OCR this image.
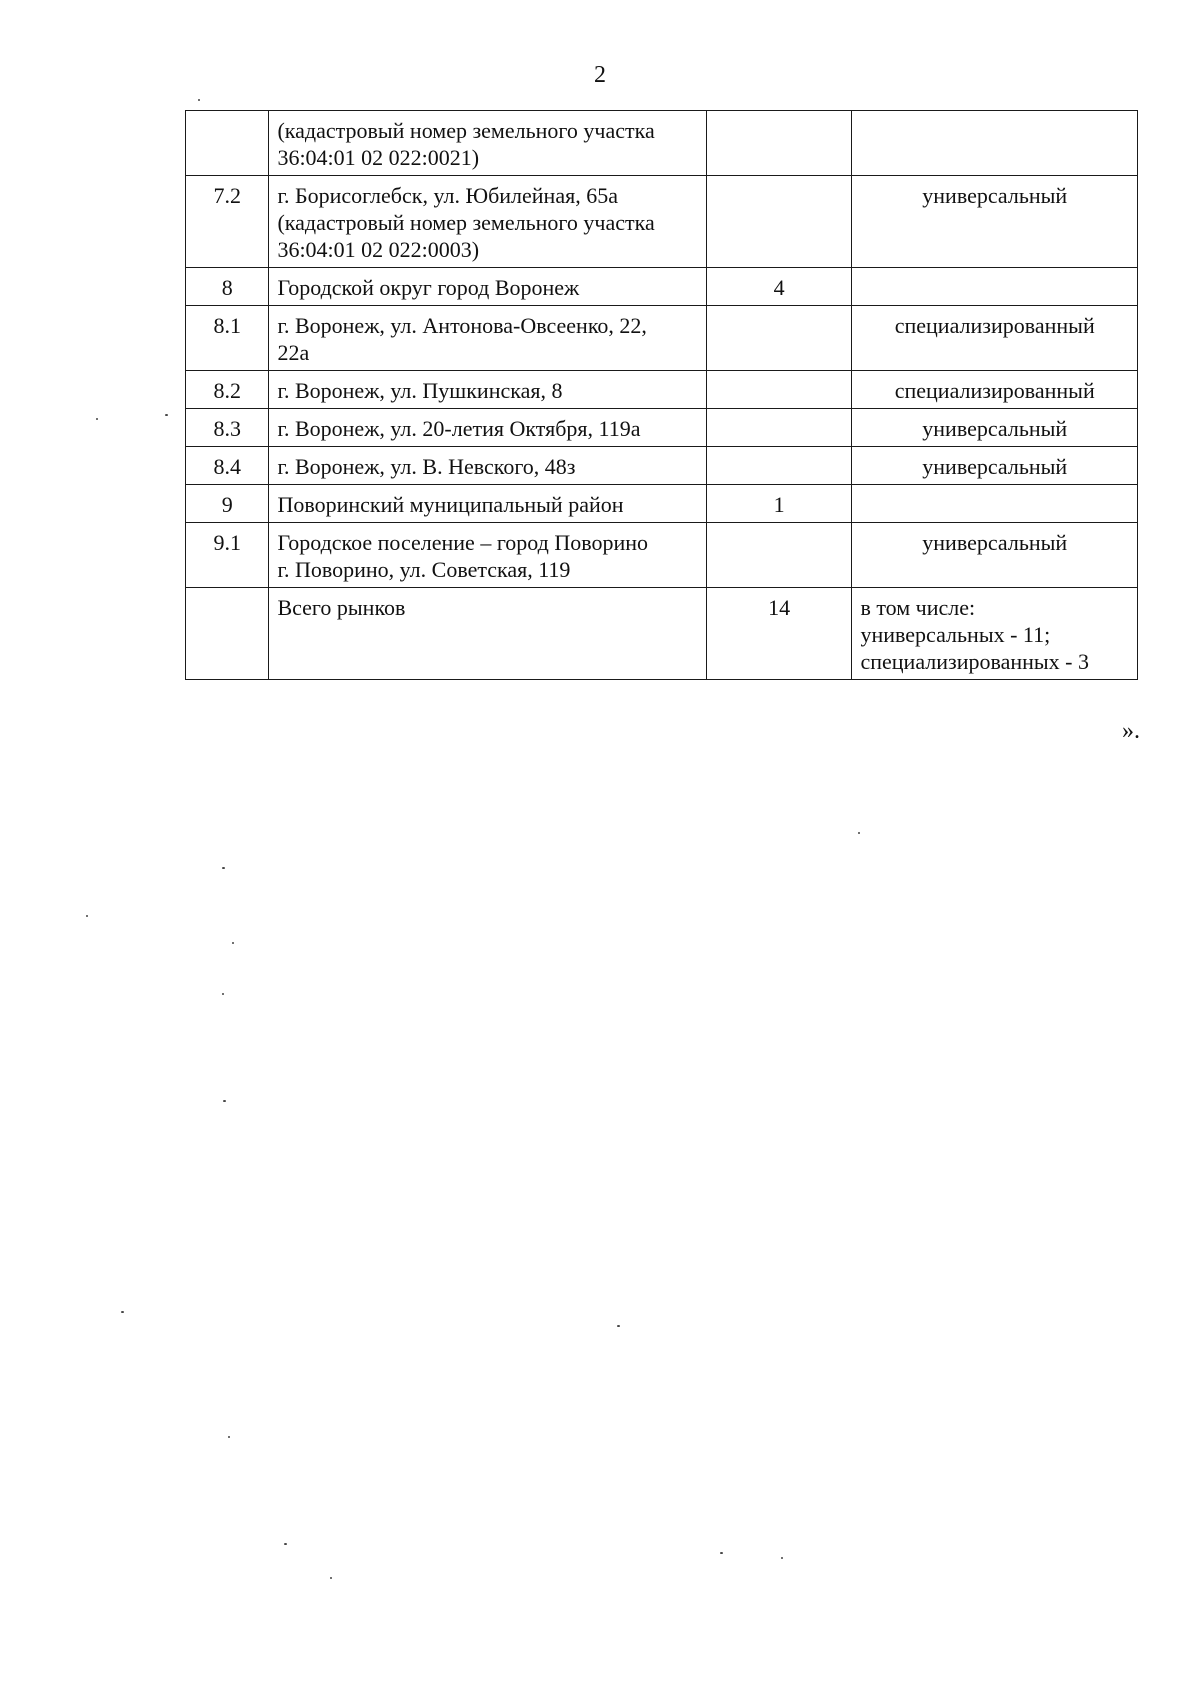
2

	(кадастровый номер земельного участка
36:04:01 02 022:0021)		

7.2	г. Борисоглебск, ул. Юбилейная, 65а
(кадастровый номер земельного участка
36:04:01 02 022:0003)		универсальный

8	Городской округ город Воронеж	4	

8.1	г. Воронеж, ул. Антонова-Овсеенко, 22,
22а		специализированный

8.2	г. Воронеж, ул. Пушкинская, 8		специализированный

8.3	г. Воронеж, ул. 20-летия Октября, 119а		универсальный

8.4	г. Воронеж, ул. В. Невского, 48з		универсальный

9	Поворинский муниципальный район	1	

9.1	Городское поселение – город Поворино
г. Поворино, ул. Советская, 119		универсальный

	Всего рынков	14	в том числе:
универсальных - 11;
специализированных - 3
».
